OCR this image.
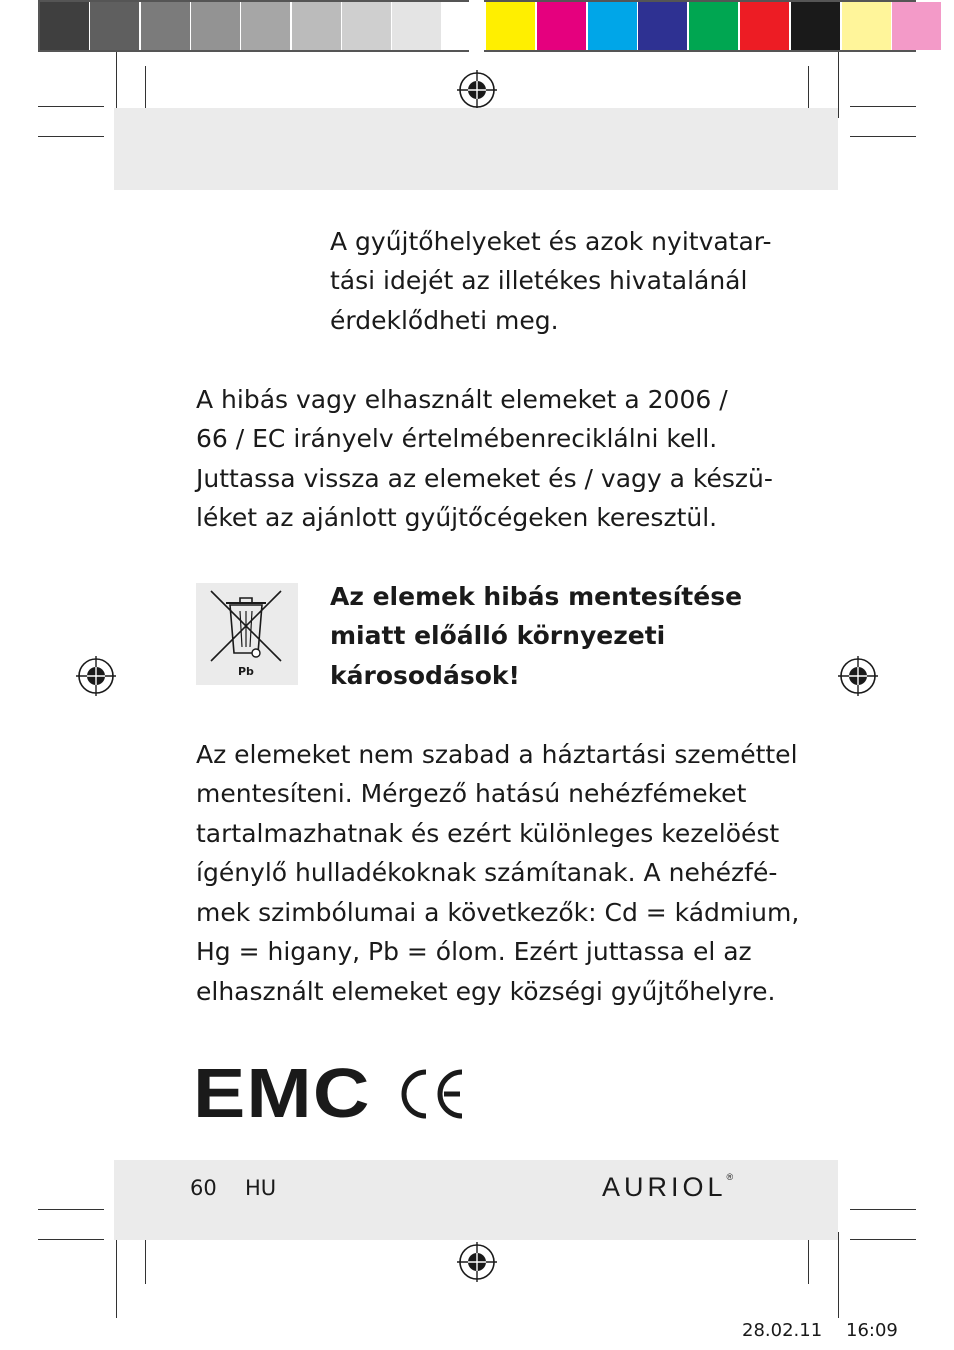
A gyűjtőhelyeket és azok nyitvatar-
tási idejét az illetékes hivatalánál
érdeklődheti meg.
A hibás vagy elhasznált elemeket a 2006 /
66 / EC irányelv értelmébenreciklálni kell.
Juttassa vissza az elemeket és / vagy a készü-
léket az ajánlott gyűjtőcégeken keresztül.
Pb
Az elemek hibás mentesítése
miatt előálló környezeti
károsodások!
Az elemeket nem szabad a háztartási szeméttel
mentesíteni. Mérgező hatású nehézfémeket
tartalmazhatnak és ezért különleges kezelöést
ígénylő hulladékoknak számítanak. A nehézfé-
mek szimbólumai a következők: Cd = kádmium,
Hg = higany, Pb = ólom. Ezért juttassa el az
elhasznált elemeket egy községi gyűjtőhelyre.
EMC
60 HU	AURIOL®
28.02.11 16:09
